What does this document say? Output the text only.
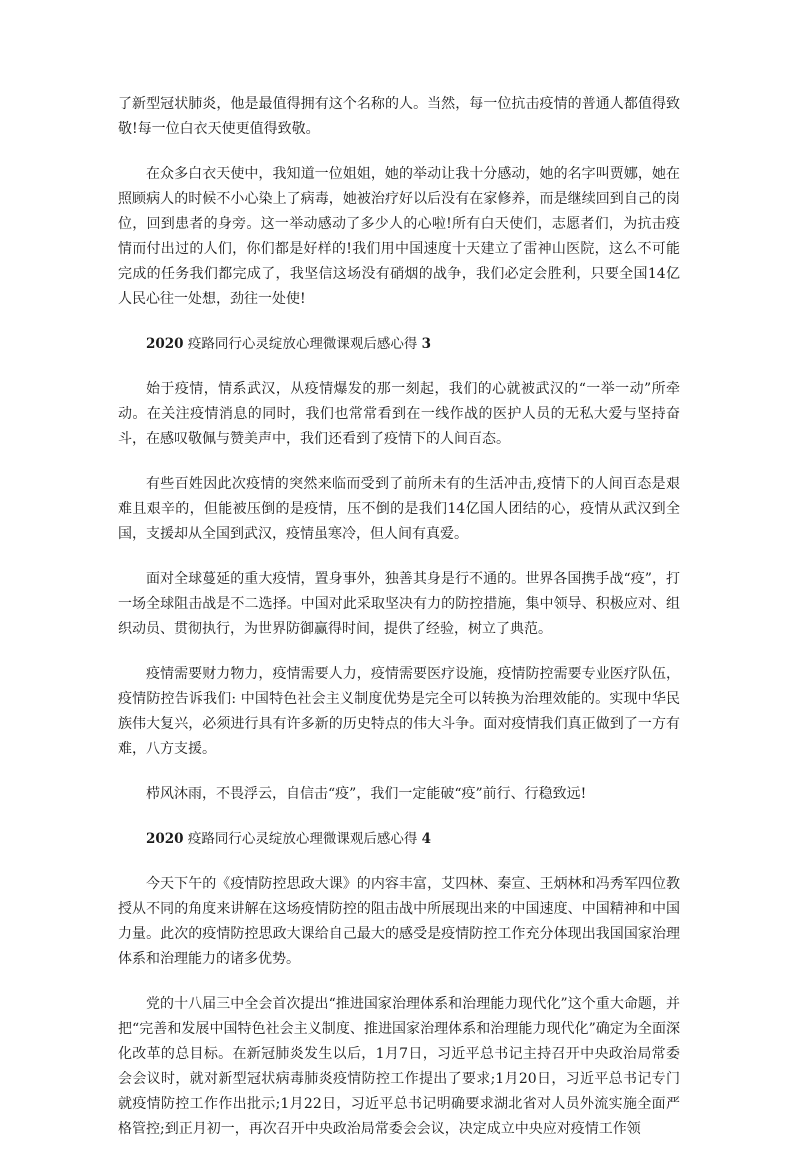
了新型冠状肺炎，他是最值得拥有这个名称的人。当然，每一位抗击疫情的普通人都值得致敬!每一位白衣天使更值得致敬。

在众多白衣天使中，我知道一位姐姐，她的举动让我十分感动，她的名字叫贾娜，她在照顾病人的时候不小心染上了病毒，她被治疗好以后没有在家修养，而是继续回到自己的岗位，回到患者的身旁。这一举动感动了多少人的心啦!所有白天使们，志愿者们，为抗击疫情而付出过的人们，你们都是好样的!我们用中国速度十天建立了雷神山医院，这么不可能完成的任务我们都完成了，我坚信这场没有硝烟的战争，我们必定会胜利，只要全国14亿人民心往一处想，劲往一处使!

2020 疫路同行心灵绽放心理微课观后感心得 3

始于疫情，情系武汉，从疫情爆发的那一刻起，我们的心就被武汉的“一举一动”所牵动。在关注疫情消息的同时，我们也常常看到在一线作战的医护人员的无私大爱与坚持奋斗，在感叹敬佩与赞美声中，我们还看到了疫情下的人间百态。

有些百姓因此次疫情的突然来临而受到了前所未有的生活冲击,疫情下的人间百态是艰难且艰辛的，但能被压倒的是疫情，压不倒的是我们14亿国人团结的心，疫情从武汉到全国，支援却从全国到武汉，疫情虽寒冷，但人间有真爱。

面对全球蔓延的重大疫情，置身事外，独善其身是行不通的。世界各国携手战“疫”，打一场全球阻击战是不二选择。中国对此采取坚决有力的防控措施，集中领导、积极应对、组织动员、贯彻执行，为世界防御赢得时间，提供了经验，树立了典范。

疫情需要财力物力，疫情需要人力，疫情需要医疗设施，疫情防控需要专业医疗队伍，疫情防控告诉我们: 中国特色社会主义制度优势是完全可以转换为治理效能的。实现中华民族伟大复兴，必须进行具有许多新的历史特点的伟大斗争。面对疫情我们真正做到了一方有难，八方支援。

栉风沐雨，不畏浮云，自信击“疫”，我们一定能破“疫”前行、行稳致远!

2020 疫路同行心灵绽放心理微课观后感心得 4

今天下午的《疫情防控思政大课》的内容丰富，艾四林、秦宣、王炳林和冯秀军四位教授从不同的角度来讲解在这场疫情防控的阻击战中所展现出来的中国速度、中国精神和中国力量。此次的疫情防控思政大课给自己最大的感受是疫情防控工作充分体现出我国国家治理体系和治理能力的诸多优势。

党的十八届三中全会首次提出“推进国家治理体系和治理能力现代化”这个重大命题，并把“完善和发展中国特色社会主义制度、推进国家治理体系和治理能力现代化”确定为全面深化改革的总目标。在新冠肺炎发生以后，1月7日，习近平总书记主持召开中央政治局常委会会议时，就对新型冠状病毒肺炎疫情防控工作提出了要求;1月20日，习近平总书记专门就疫情防控工作作出批示;1月22日，习近平总书记明确要求湖北省对人员外流实施全面严格管控;到正月初一，再次召开中央政治局常委会会议，决定成立中央应对疫情工作领
